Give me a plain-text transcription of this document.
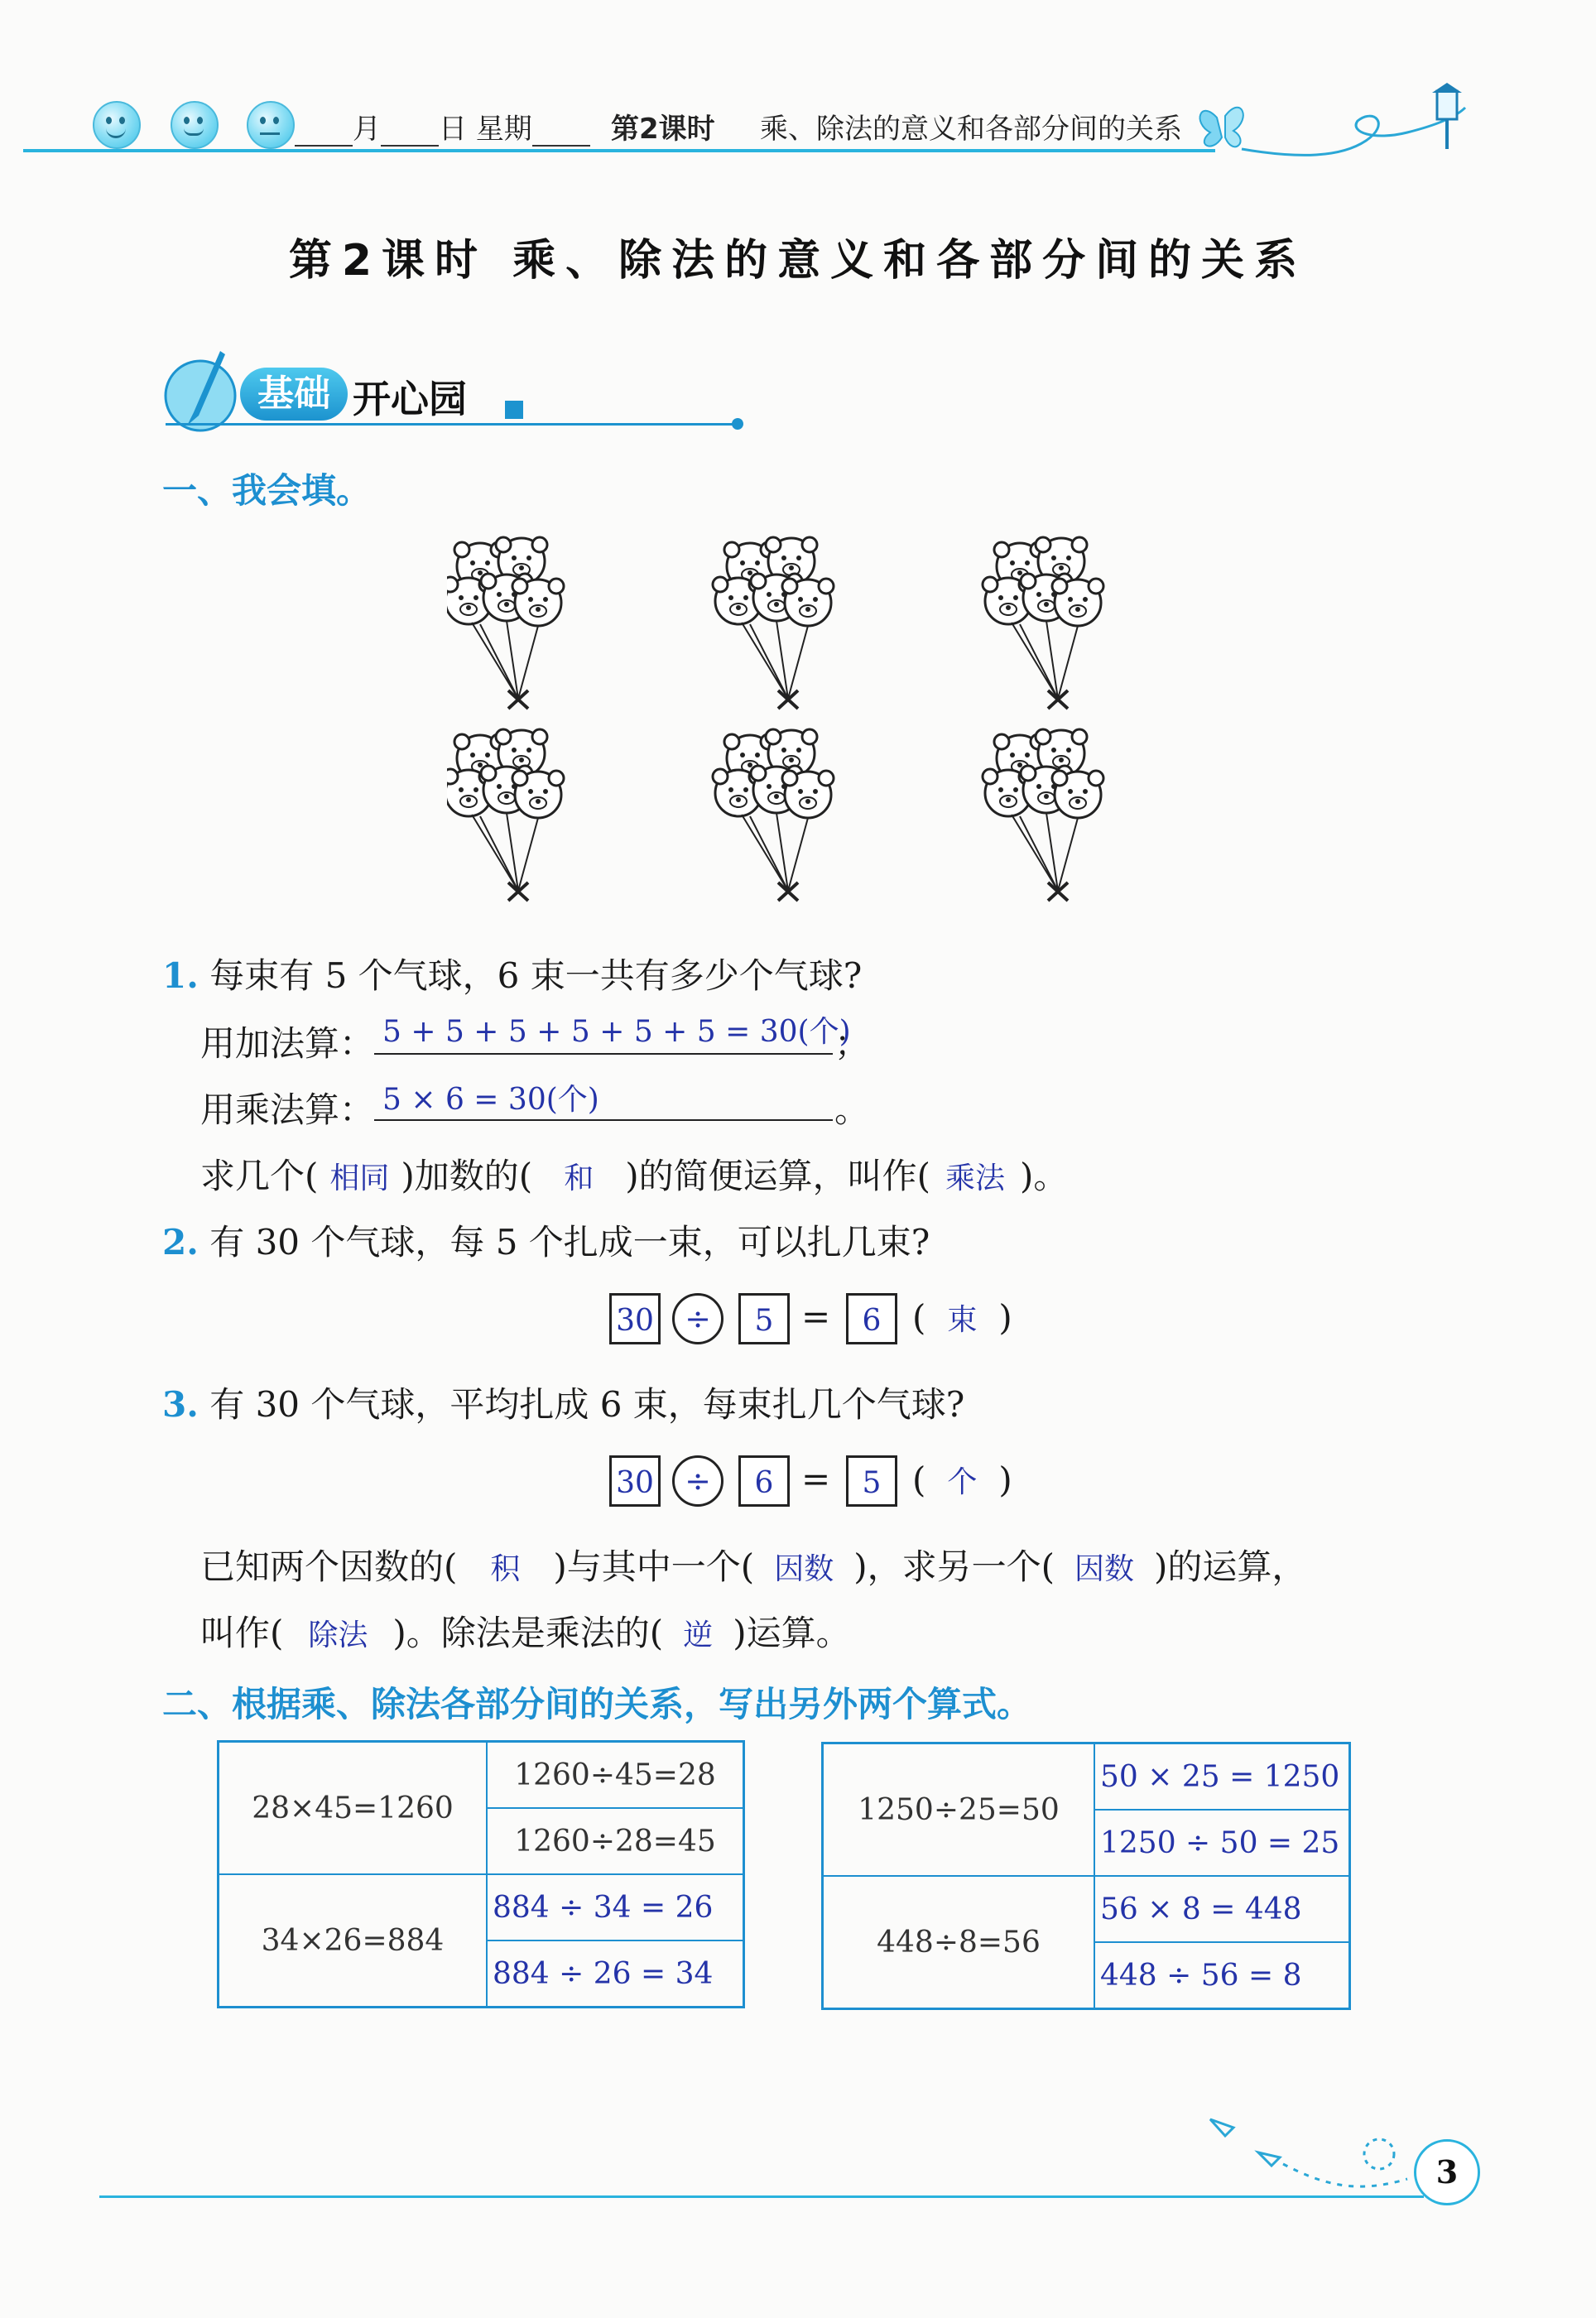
月 日 星期	第2课时 乘、除法的意义和各部分间的关系
第2课时 乘、除法的意义和各部分间的关系
基础 开心园
一、我会填。
1. 每束有 5 个气球，6 束一共有多少个气球?
用加法算： 5 + 5 + 5 + 5 + 5 + 5 = 30(个)
；
用乘法算： 5 × 6 = 30(个)	。
求几个( 相同 )加数的( 和 )的简便运算，叫作( 乘法 )。
2. 有 30 个气球，每 5 个扎成一束，可以扎几束?
30 ÷	5 =	6 ( 束 )
3. 有 30 个气球，平均扎成 6 束，每束扎几个气球?
30 ÷	6 =	5 ( 个 )
已知两个因数的( 积 )与其中一个( 因数 )，求另一个( 因数 )的运算，
叫作( 除法 )。除法是乘法的( 逆 )运算。
二、根据乘、除法各部分间的关系，写出另外两个算式。
28×45=1260	1260÷45=28
	1260÷28=45
34×26=884	884 ÷ 34 = 26
	884 ÷ 26 = 34
1250÷25=50	50 × 25 = 1250
	1250 ÷ 50 = 25
448÷8=56	56 × 8 = 448
	448 ÷ 56 = 8
3
